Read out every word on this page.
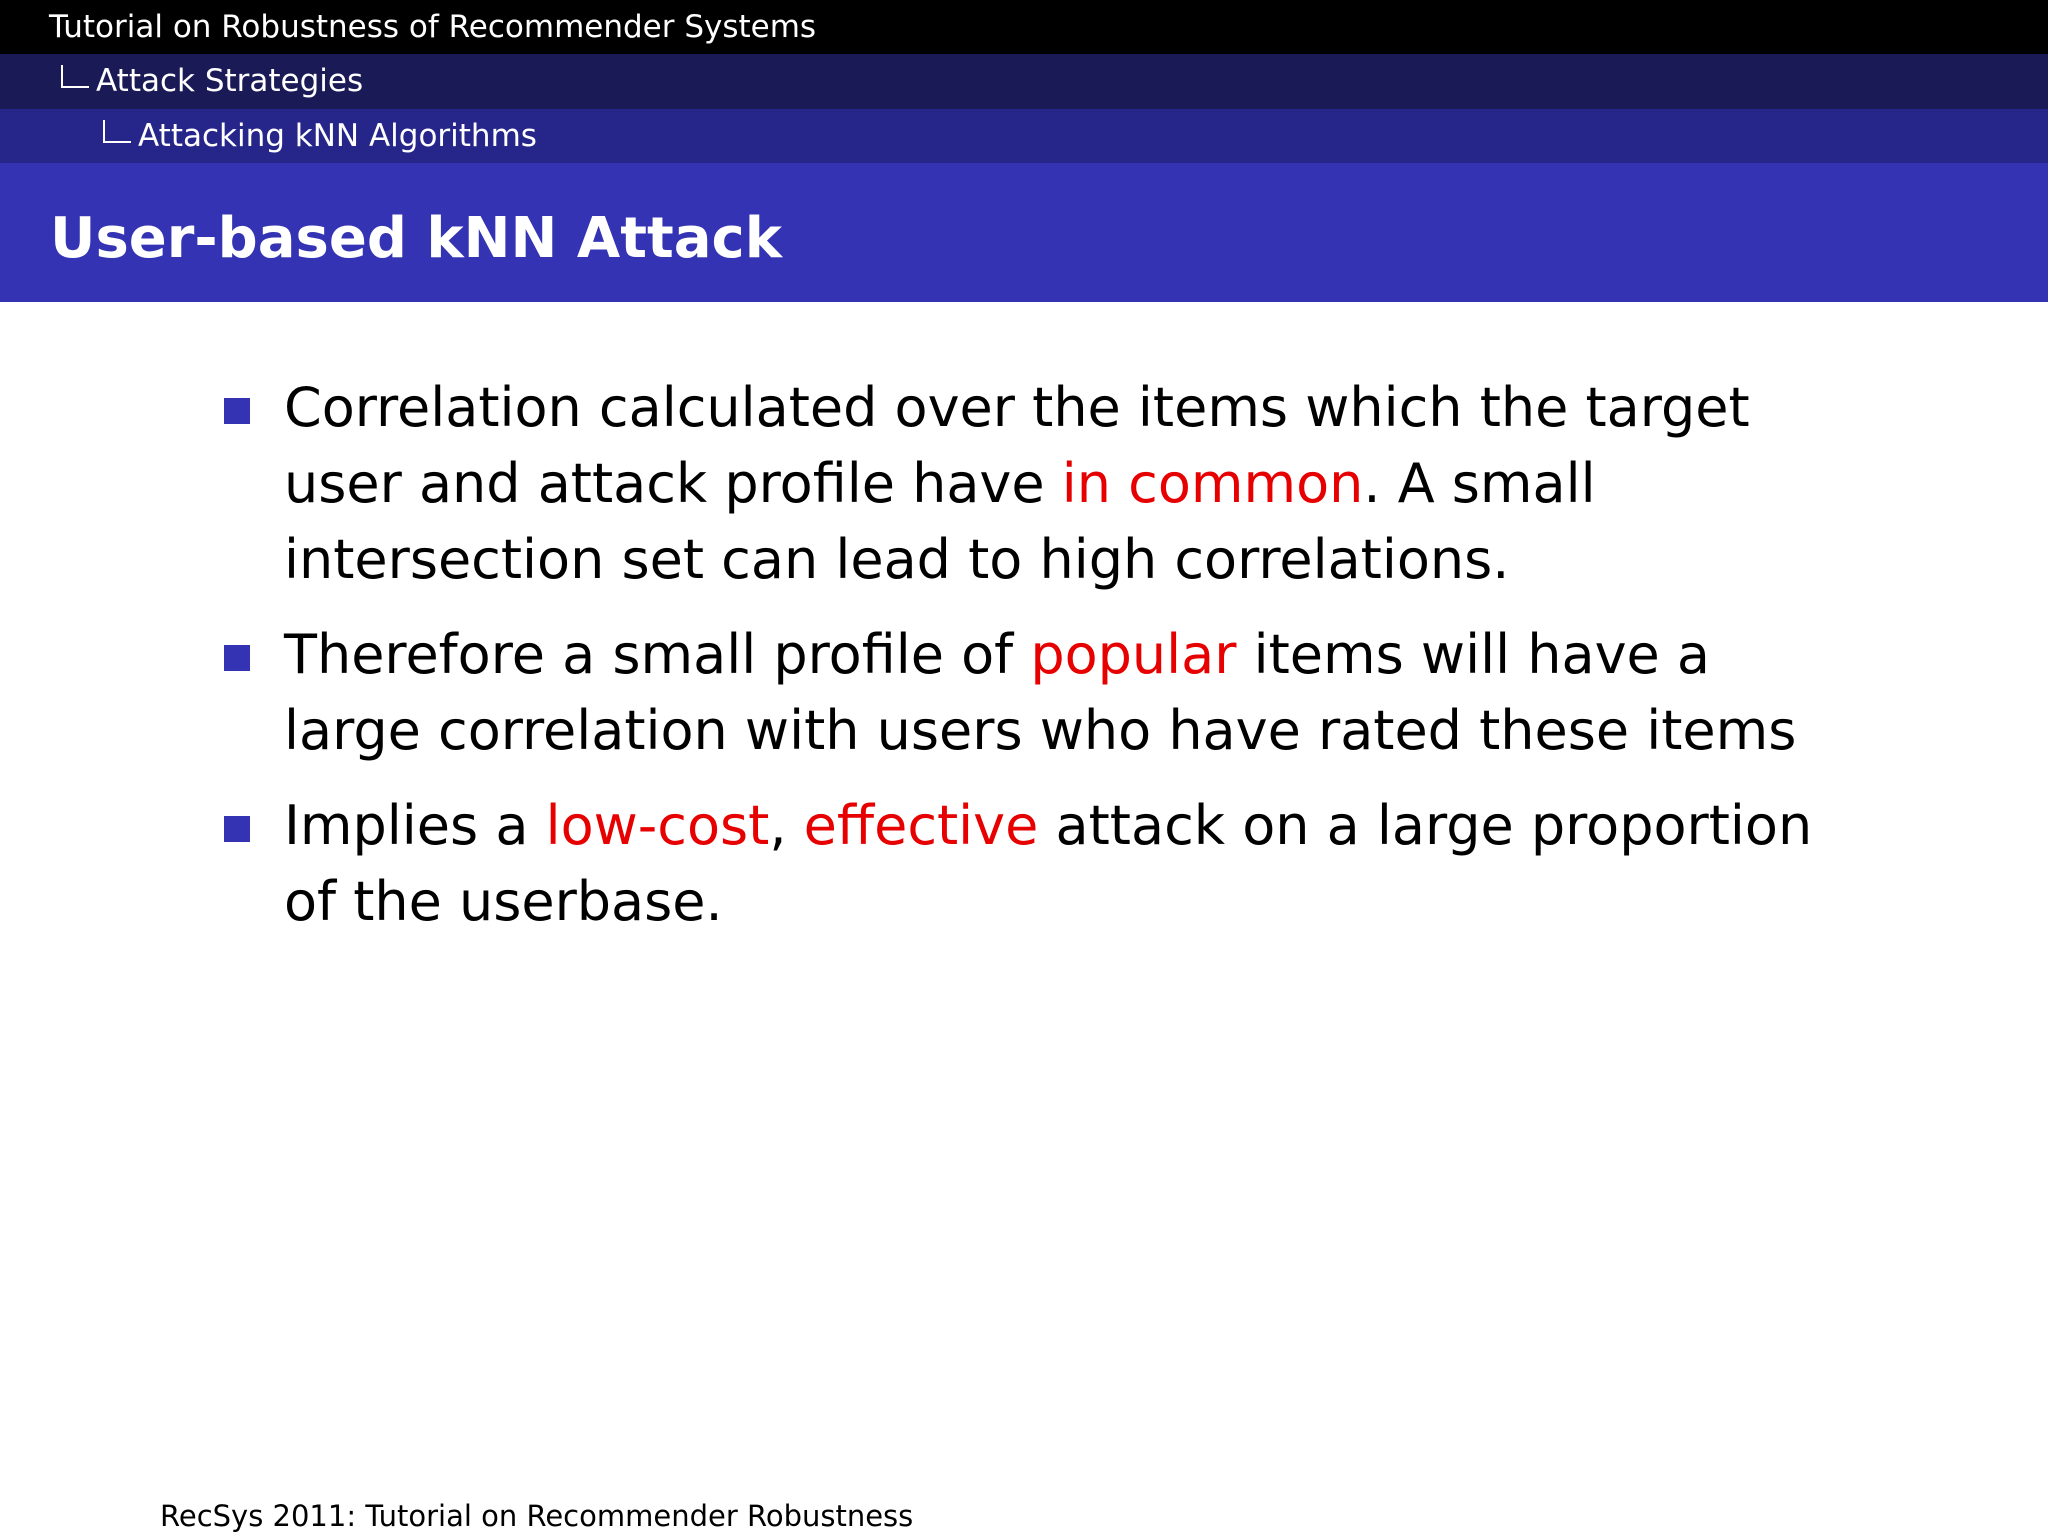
Tutorial on Robustness of Recommender Systems
Attack Strategies
Attacking kNN Algorithms
User-based kNN Attack
Correlation calculated over the items which the target user and attack profile have in common. A small intersection set can lead to high correlations.
Therefore a small profile of popular items will have a large correlation with users who have rated these items
Implies a low-cost, effective attack on a large proportion of the userbase.
RecSys 2011: Tutorial on Recommender Robustness
